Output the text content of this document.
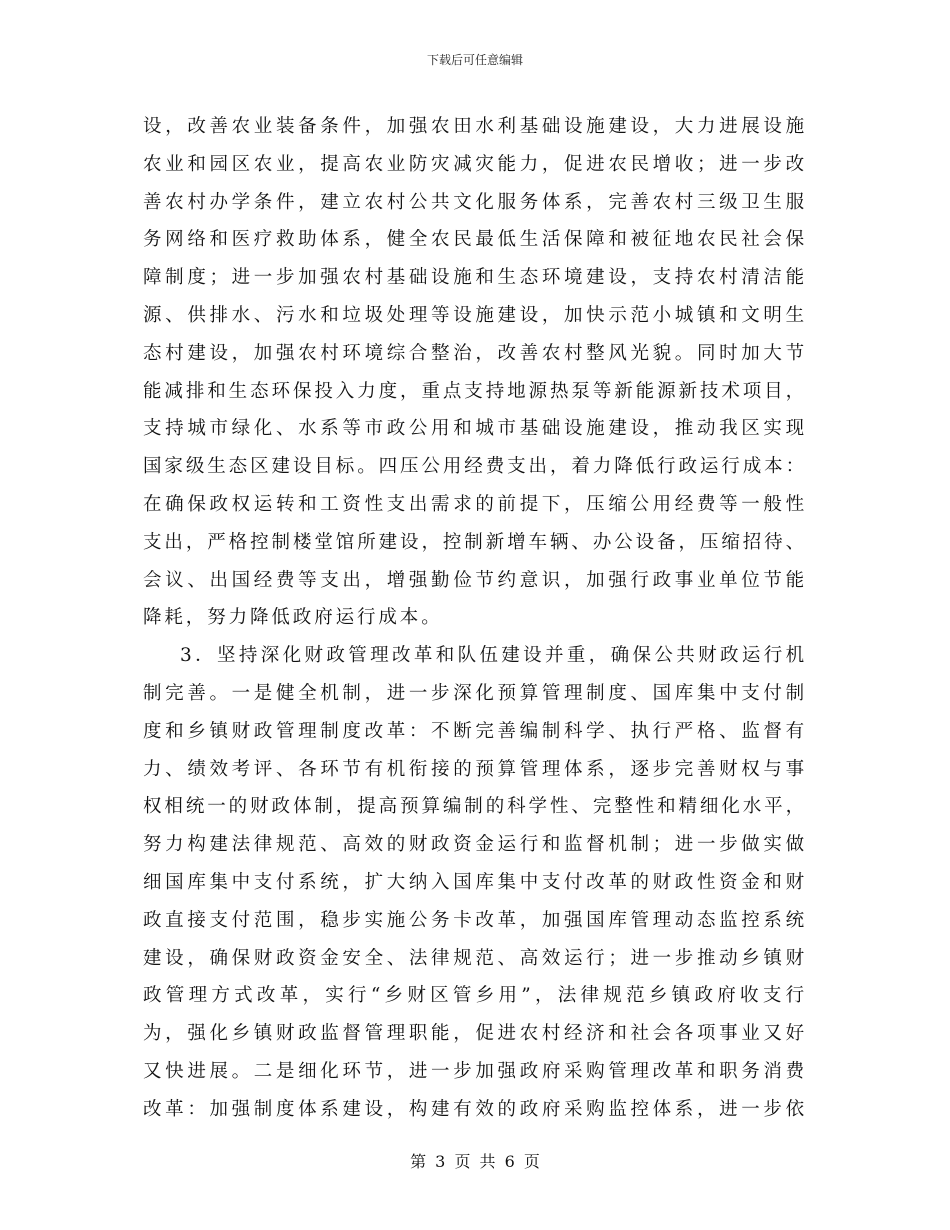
下载后可任意编辑
设，改善农业装备条件，加强农田水利基础设施建设，大力进展设施
农业和园区农业，提高农业防灾减灾能力，促进农民增收；进一步改
善农村办学条件，建立农村公共文化服务体系，完善农村三级卫生服
务网络和医疗救助体系，健全农民最低生活保障和被征地农民社会保
障制度；进一步加强农村基础设施和生态环境建设，支持农村清洁能
源、供排水、污水和垃圾处理等设施建设，加快示范小城镇和文明生
态村建设，加强农村环境综合整治，改善农村整风光貌。同时加大节
能减排和生态环保投入力度，重点支持地源热泵等新能源新技术项目，
支持城市绿化、水系等市政公用和城市基础设施建设，推动我区实现
国家级生态区建设目标。四压公用经费支出，着力降低行政运行成本：
在确保政权运转和工资性支出需求的前提下，压缩公用经费等一般性
支出，严格控制楼堂馆所建设，控制新增车辆、办公设备，压缩招待、
会议、出国经费等支出，增强勤俭节约意识，加强行政事业单位节能
降耗，努力降低政府运行成本。
3．坚持深化财政管理改革和队伍建设并重，确保公共财政运行机
制完善。一是健全机制，进一步深化预算管理制度、国库集中支付制
度和乡镇财政管理制度改革：不断完善编制科学、执行严格、监督有
力、绩效考评、各环节有机衔接的预算管理体系，逐步完善财权与事
权相统一的财政体制，提高预算编制的科学性、完整性和精细化水平，
努力构建法律规范、高效的财政资金运行和监督机制；进一步做实做
细国库集中支付系统，扩大纳入国库集中支付改革的财政性资金和财
政直接支付范围，稳步实施公务卡改革，加强国库管理动态监控系统
建设，确保财政资金安全、法律规范、高效运行；进一步推动乡镇财
政管理方式改革，实行“乡财区管乡用”，法律规范乡镇政府收支行
为，强化乡镇财政监督管理职能，促进农村经济和社会各项事业又好
又快进展。二是细化环节，进一步加强政府采购管理改革和职务消费
改革：加强制度体系建设，构建有效的政府采购监控体系，进一步依
第 3 页 共 6 页
